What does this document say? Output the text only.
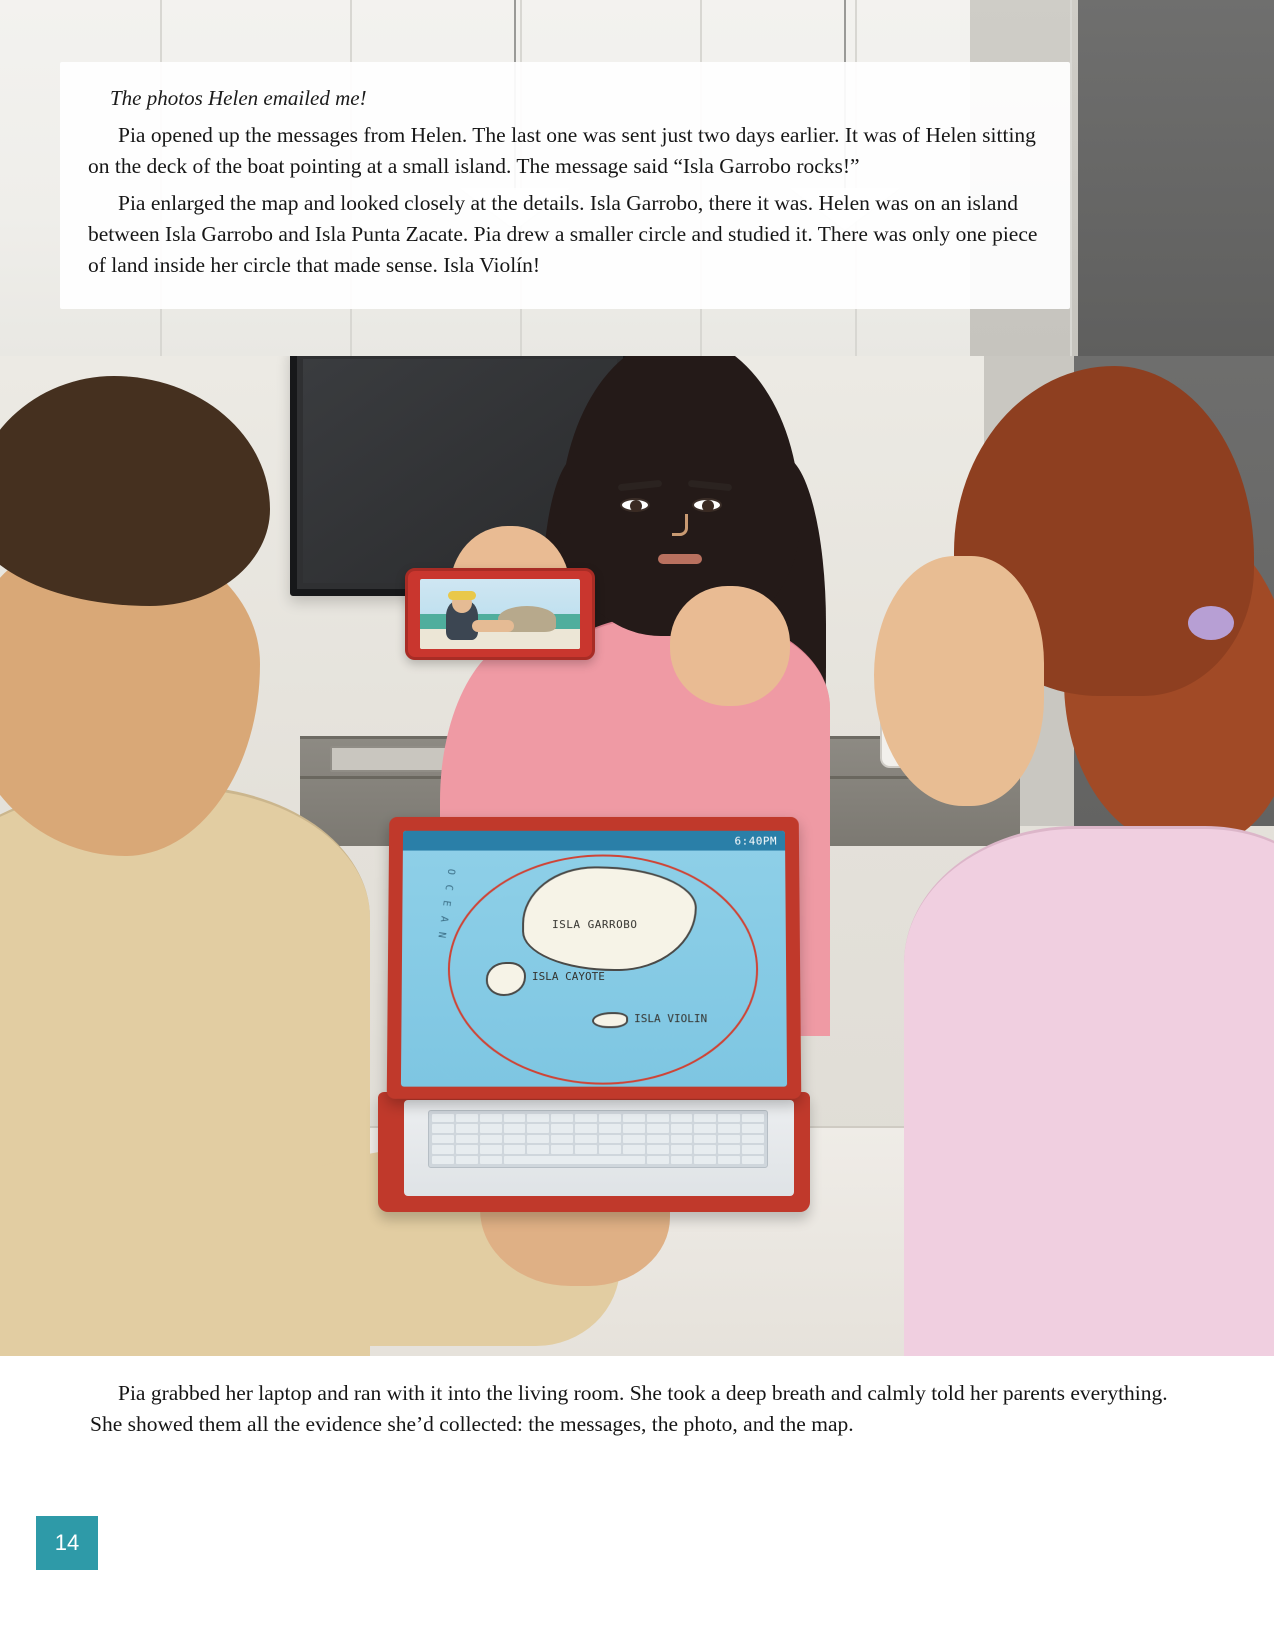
The photos Helen emailed me!

Pia opened up the messages from Helen. The last one was sent just two days earlier. It was of Helen sitting on the deck of the boat pointing at a small island. The message said “Isla Garrobo rocks!”

Pia enlarged the map and looked closely at the details. Isla Garrobo, there it was. Helen was on an island between Isla Garrobo and Isla Punta Zacate. Pia drew a smaller circle and studied it. There was only one piece of land inside her circle that made sense. Isla Violín!

6:40PM
O C E A N	ISLA GARROBO
ISLA CAYOTE
ISLA VIOLIN

Pia grabbed her laptop and ran with it into the living room. She took a deep breath and calmly told her parents everything. She showed them all the evidence she’d collected: the messages, the photo, and the map.

14
